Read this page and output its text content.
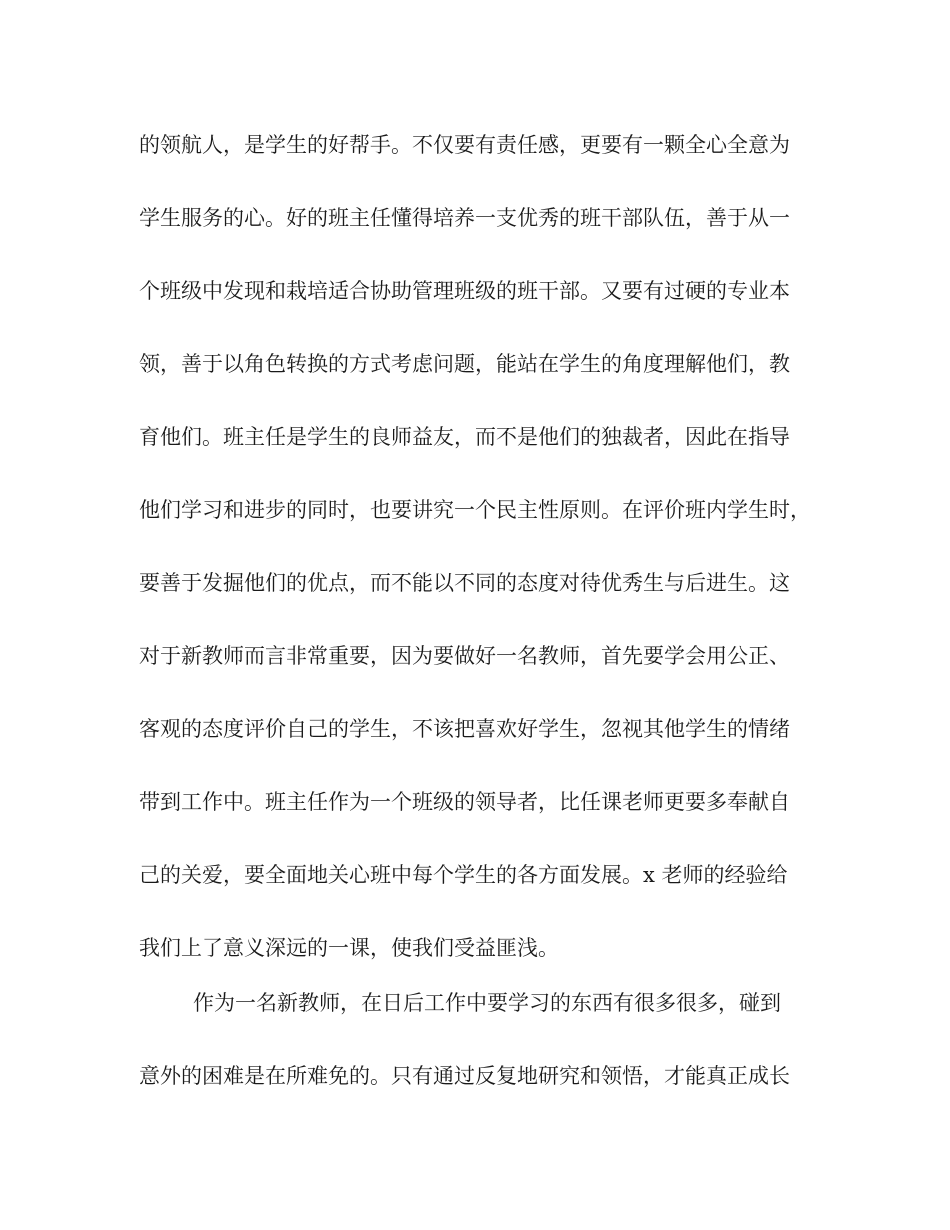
的领航人，是学生的好帮手。不仅要有责任感，更要有一颗全心全意为
学生服务的心。好的班主任懂得培养一支优秀的班干部队伍，善于从一
个班级中发现和栽培适合协助管理班级的班干部。又要有过硬的专业本
领，善于以角色转换的方式考虑问题，能站在学生的角度理解他们，教
育他们。班主任是学生的良师益友，而不是他们的独裁者，因此在指导
他们学习和进步的同时，也要讲究一个民主性原则。在评价班内学生时，
要善于发掘他们的优点，而不能以不同的态度对待优秀生与后进生。这
对于新教师而言非常重要，因为要做好一名教师，首先要学会用公正、
客观的态度评价自己的学生，不该把喜欢好学生，忽视其他学生的情绪
带到工作中。班主任作为一个班级的领导者，比任课老师更要多奉献自
己的关爱，要全面地关心班中每个学生的各方面发展。x 老师的经验给
我们上了意义深远的一课，使我们受益匪浅。
作为一名新教师，在日后工作中要学习的东西有很多很多，碰到
意外的困难是在所难免的。只有通过反复地研究和领悟，才能真正成长
